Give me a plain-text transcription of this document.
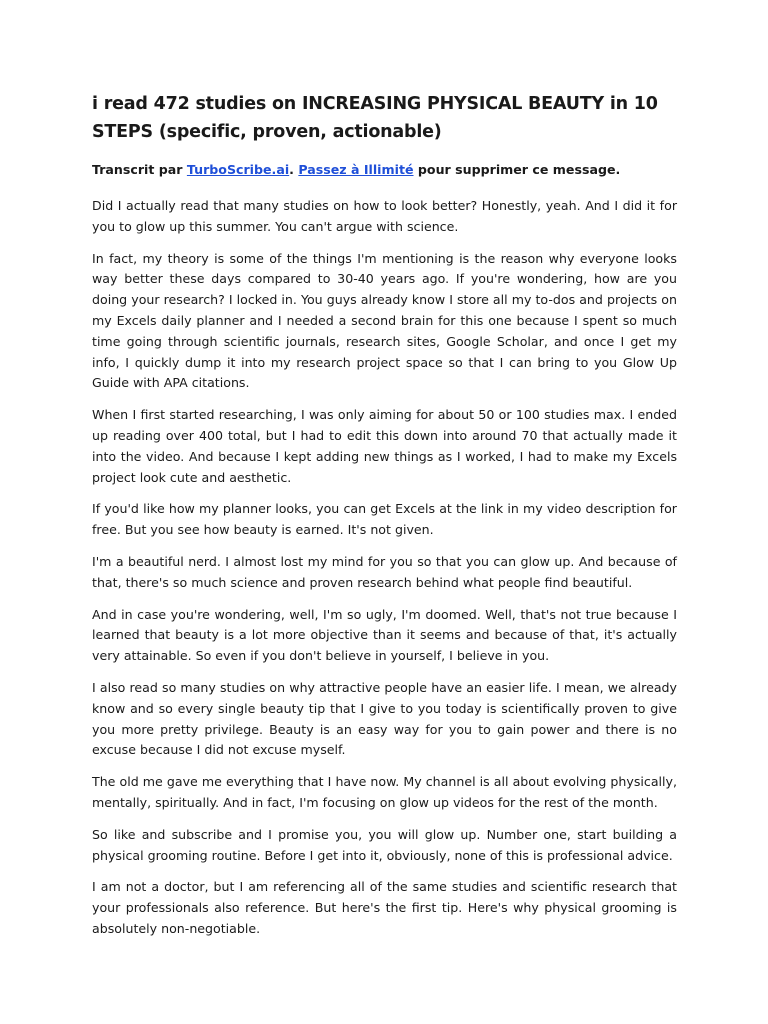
i read 472 studies on INCREASING PHYSICAL BEAUTY in 10 STEPS (specific, proven, actionable)

Transcrit par TurboScribe.ai. Passez à Illimité pour supprimer ce message.

Did I actually read that many studies on how to look better? Honestly, yeah. And I did it for you to glow up this summer. You can't argue with science.

In fact, my theory is some of the things I'm mentioning is the reason why everyone looks way better these days compared to 30-40 years ago. If you're wondering, how are you doing your research? I locked in. You guys already know I store all my to-dos and projects on my Excels daily planner and I needed a second brain for this one because I spent so much time going through scientific journals, research sites, Google Scholar, and once I get my info, I quickly dump it into my research project space so that I can bring to you Glow Up Guide with APA citations.

When I first started researching, I was only aiming for about 50 or 100 studies max. I ended up reading over 400 total, but I had to edit this down into around 70 that actually made it into the video. And because I kept adding new things as I worked, I had to make my Excels project look cute and aesthetic.

If you'd like how my planner looks, you can get Excels at the link in my video description for free. But you see how beauty is earned. It's not given.

I'm a beautiful nerd. I almost lost my mind for you so that you can glow up. And because of that, there's so much science and proven research behind what people find beautiful.

And in case you're wondering, well, I'm so ugly, I'm doomed. Well, that's not true because I learned that beauty is a lot more objective than it seems and because of that, it's actually very attainable. So even if you don't believe in yourself, I believe in you.

I also read so many studies on why attractive people have an easier life. I mean, we already know and so every single beauty tip that I give to you today is scientifically proven to give you more pretty privilege. Beauty is an easy way for you to gain power and there is no excuse because I did not excuse myself.

The old me gave me everything that I have now. My channel is all about evolving physically, mentally, spiritually. And in fact, I'm focusing on glow up videos for the rest of the month.

So like and subscribe and I promise you, you will glow up. Number one, start building a physical grooming routine. Before I get into it, obviously, none of this is professional advice.

I am not a doctor, but I am referencing all of the same studies and scientific research that your professionals also reference. But here's the first tip. Here's why physical grooming is absolutely non-negotiable.
